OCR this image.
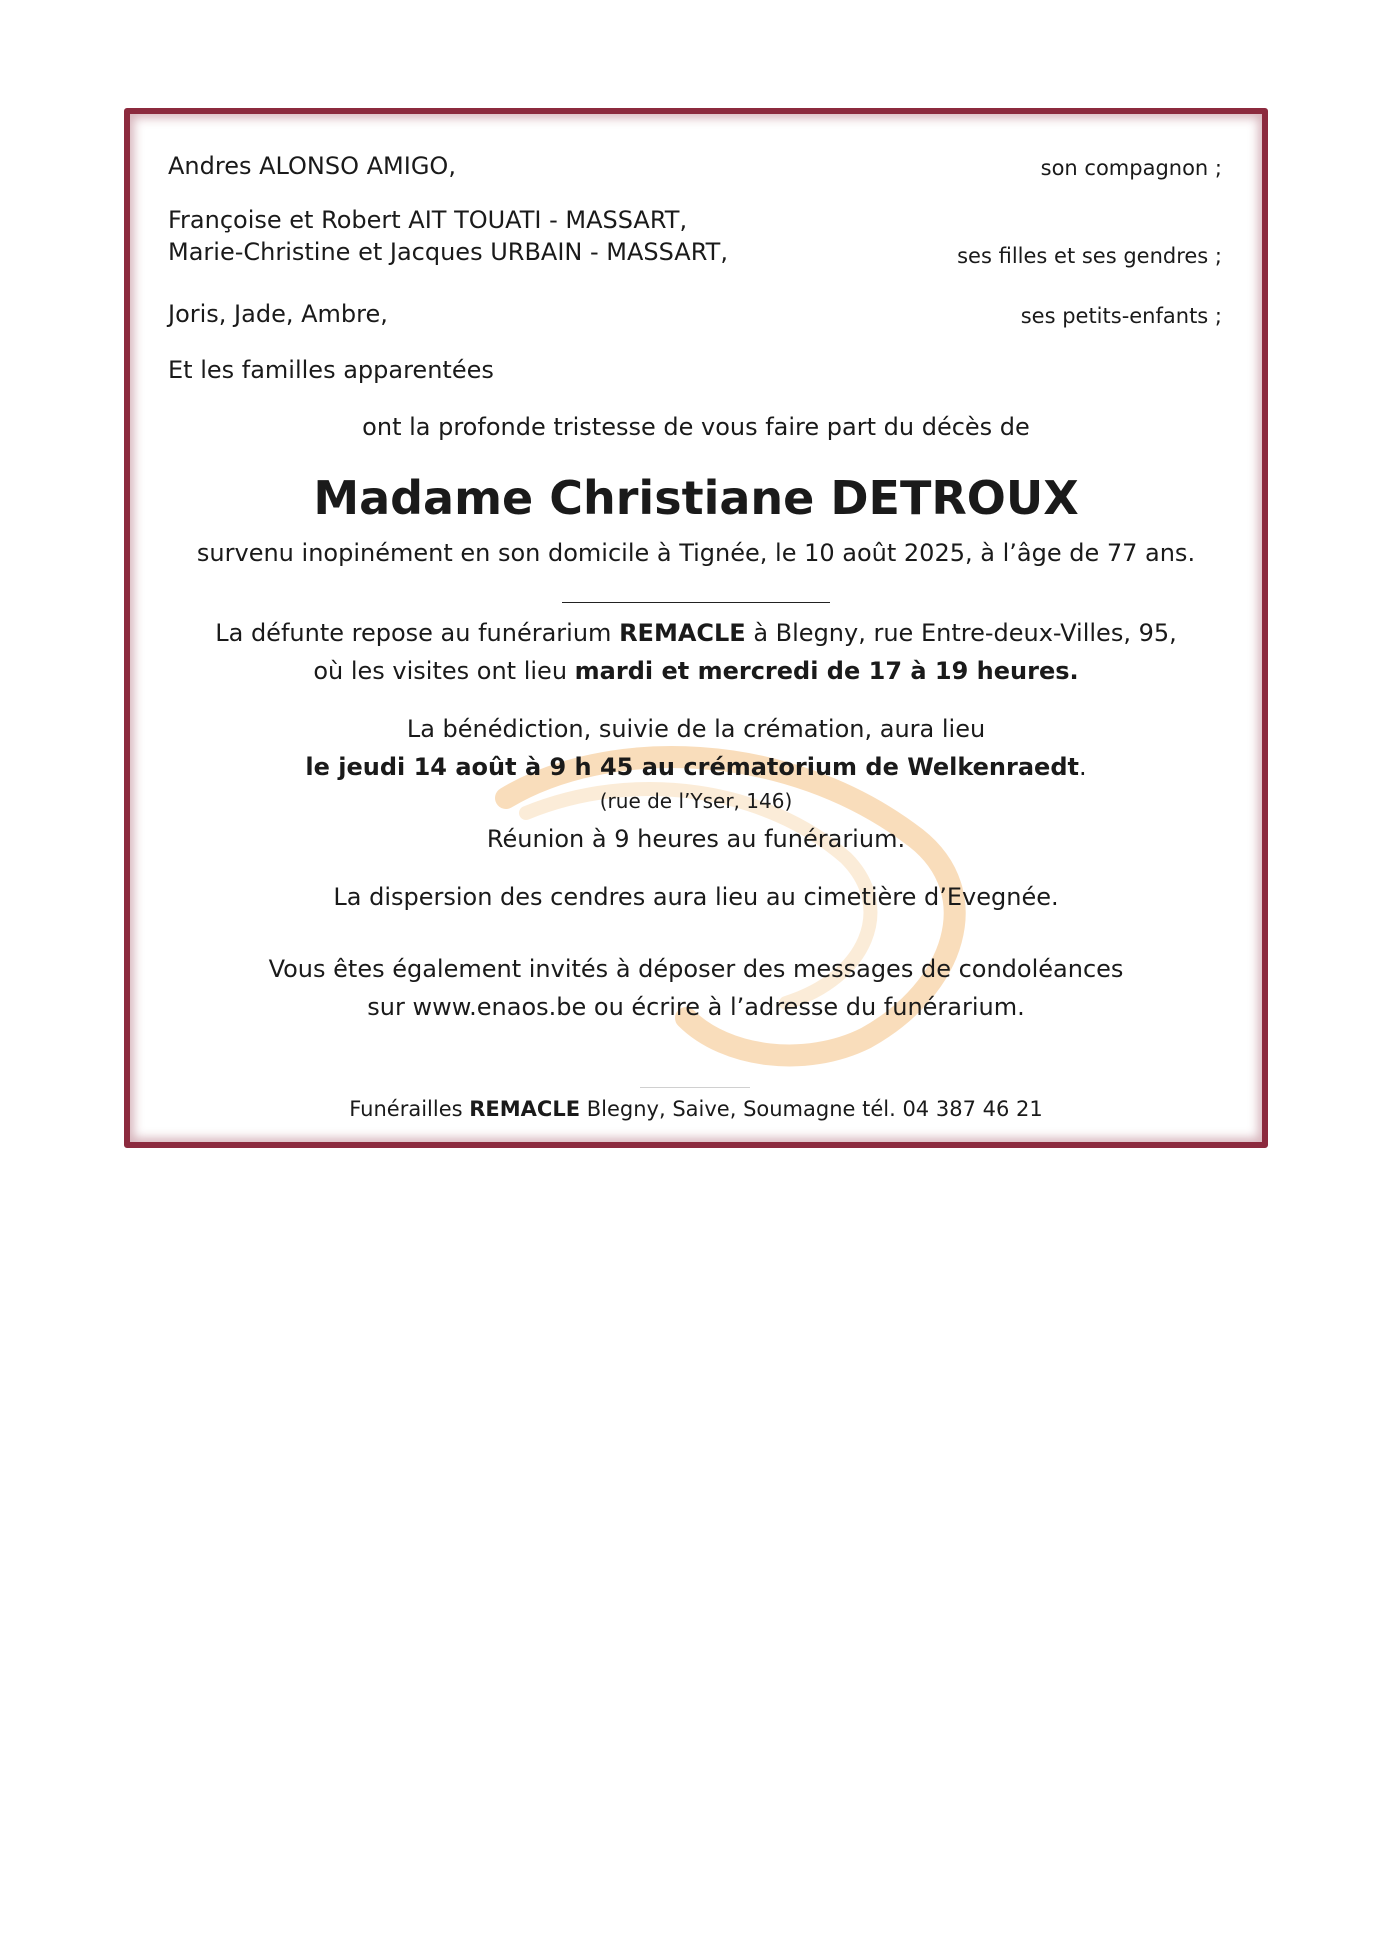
Andres ALONSO AMIGO,	son compagnon ;
Françoise et Robert AIT TOUATI - MASSART,
Marie-Christine et Jacques URBAIN - MASSART,	ses filles et ses gendres ;
Joris, Jade, Ambre,	ses petits-enfants ;
Et les familles apparentées
ont la profonde tristesse de vous faire part du décès de
Madame Christiane DETROUX
survenu inopinément en son domicile à Tignée, le 10 août 2025, à l’âge de 77 ans.
La défunte repose au funérarium REMACLE à Blegny, rue Entre-deux-Villes, 95,
où les visites ont lieu mardi et mercredi de 17 à 19 heures.
La bénédiction, suivie de la crémation, aura lieu
le jeudi 14 août à 9 h 45 au crématorium de Welkenraedt.
(rue de l’Yser, 146)
Réunion à 9 heures au funérarium.
La dispersion des cendres aura lieu au cimetière d’Evegnée.
Vous êtes également invités à déposer des messages de condoléances
sur www.enaos.be ou écrire à l’adresse du funérarium.
Funérailles REMACLE Blegny, Saive, Soumagne tél. 04 387 46 21
